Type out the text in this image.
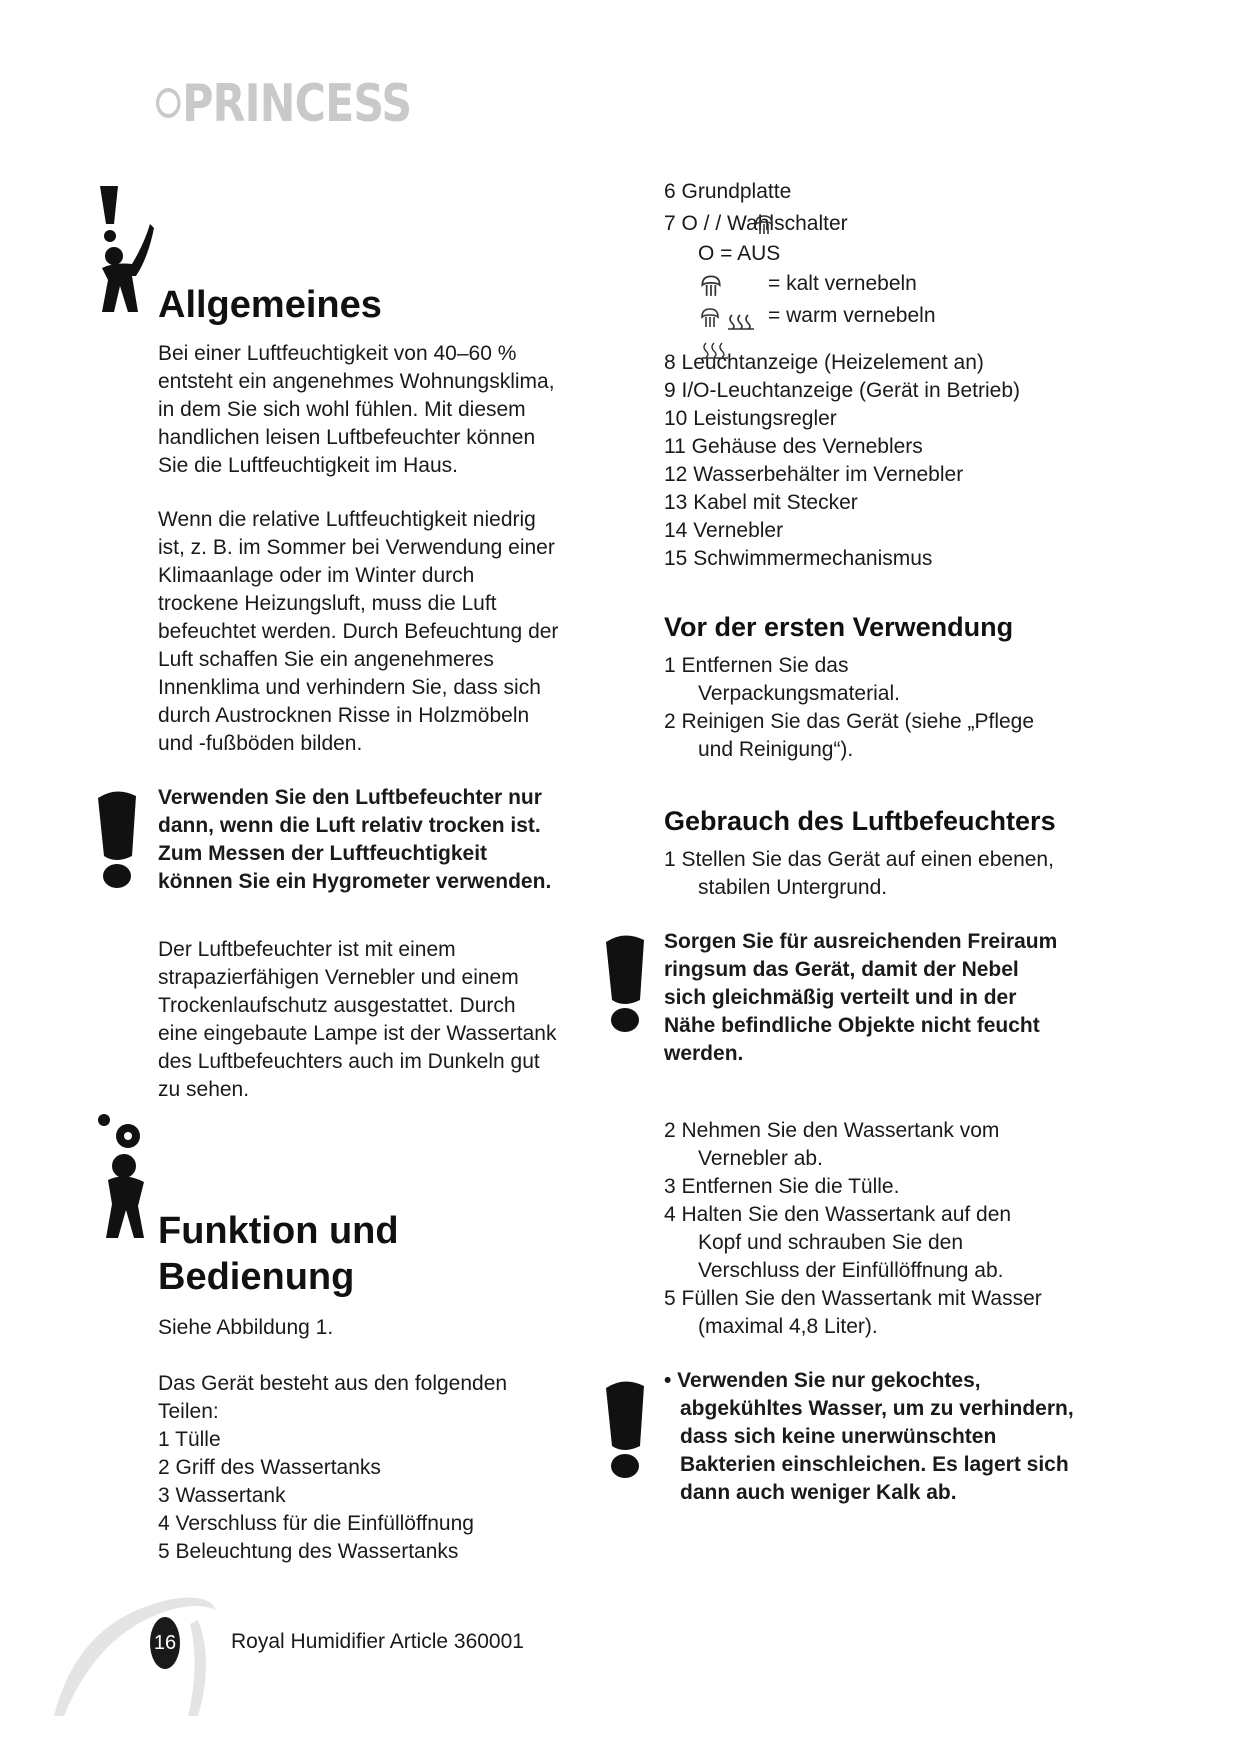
PRINCESS
Allgemeines

Bei einer Luftfeuchtigkeit von 40–60 %

entsteht ein angenehmes Wohnungsklima,

in dem Sie sich wohl fühlen. Mit diesem

handlichen leisen Luftbefeuchter können

Sie die Luftfeuchtigkeit im Haus.

Wenn die relative Luftfeuchtigkeit niedrig

ist, z. B. im Sommer bei Verwendung einer

Klimaanlage oder im Winter durch

trockene Heizungsluft, muss die Luft

befeuchtet werden. Durch Befeuchtung der

Luft schaffen Sie ein angenehmeres

Innenklima und verhindern Sie, dass sich

durch Austrocknen Risse in Holzmöbeln

und -fußböden bilden.

Verwenden Sie den Luftbefeuchter nur

dann, wenn die Luft relativ trocken ist.

Zum Messen der Luftfeuchtigkeit

können Sie ein Hygrometer verwenden.

Der Luftbefeuchter ist mit einem

strapazierfähigen Vernebler und einem

Trockenlaufschutz ausgestattet. Durch

eine eingebaute Lampe ist der Wassertank

des Luftbefeuchters auch im Dunkeln gut

zu sehen.

Funktion und
Bedienung

Siehe Abbildung 1.

Das Gerät besteht aus den folgenden

Teilen:

1 Tülle

2 Griff des Wassertanks

3 Wassertank

4 Verschluss für die Einfüllöffnung

5 Beleuchtung des Wassertanks

6 Grundplatte

7 O / / Wahlschalter
O = AUS
= kalt vernebeln
= warm vernebeln

8 Leuchtanzeige (Heizelement an)

9 I/O-Leuchtanzeige (Gerät in Betrieb)

10 Leistungsregler

11 Gehäuse des Verneblers

12 Wasserbehälter im Vernebler

13 Kabel mit Stecker

14 Vernebler

15 Schwimmermechanismus

Vor der ersten Verwendung

1 Entfernen Sie das

Verpackungsmaterial.

2 Reinigen Sie das Gerät (siehe „Pflege

und Reinigung“).

Gebrauch des Luftbefeuchters

1 Stellen Sie das Gerät auf einen ebenen,

stabilen Untergrund.

Sorgen Sie für ausreichenden Freiraum

ringsum das Gerät, damit der Nebel

sich gleichmäßig verteilt und in der

Nähe befindliche Objekte nicht feucht

werden.

2 Nehmen Sie den Wassertank vom

Vernebler ab.

3 Entfernen Sie die Tülle.

4 Halten Sie den Wassertank auf den

Kopf und schrauben Sie den

Verschluss der Einfüllöffnung ab.

5 Füllen Sie den Wassertank mit Wasser

(maximal 4,8 Liter).

• Verwenden Sie nur gekochtes,

abgekühltes Wasser, um zu verhindern,

dass sich keine unerwünschten

Bakterien einschleichen. Es lagert sich

dann auch weniger Kalk ab.

16	Royal Humidifier Article 360001
